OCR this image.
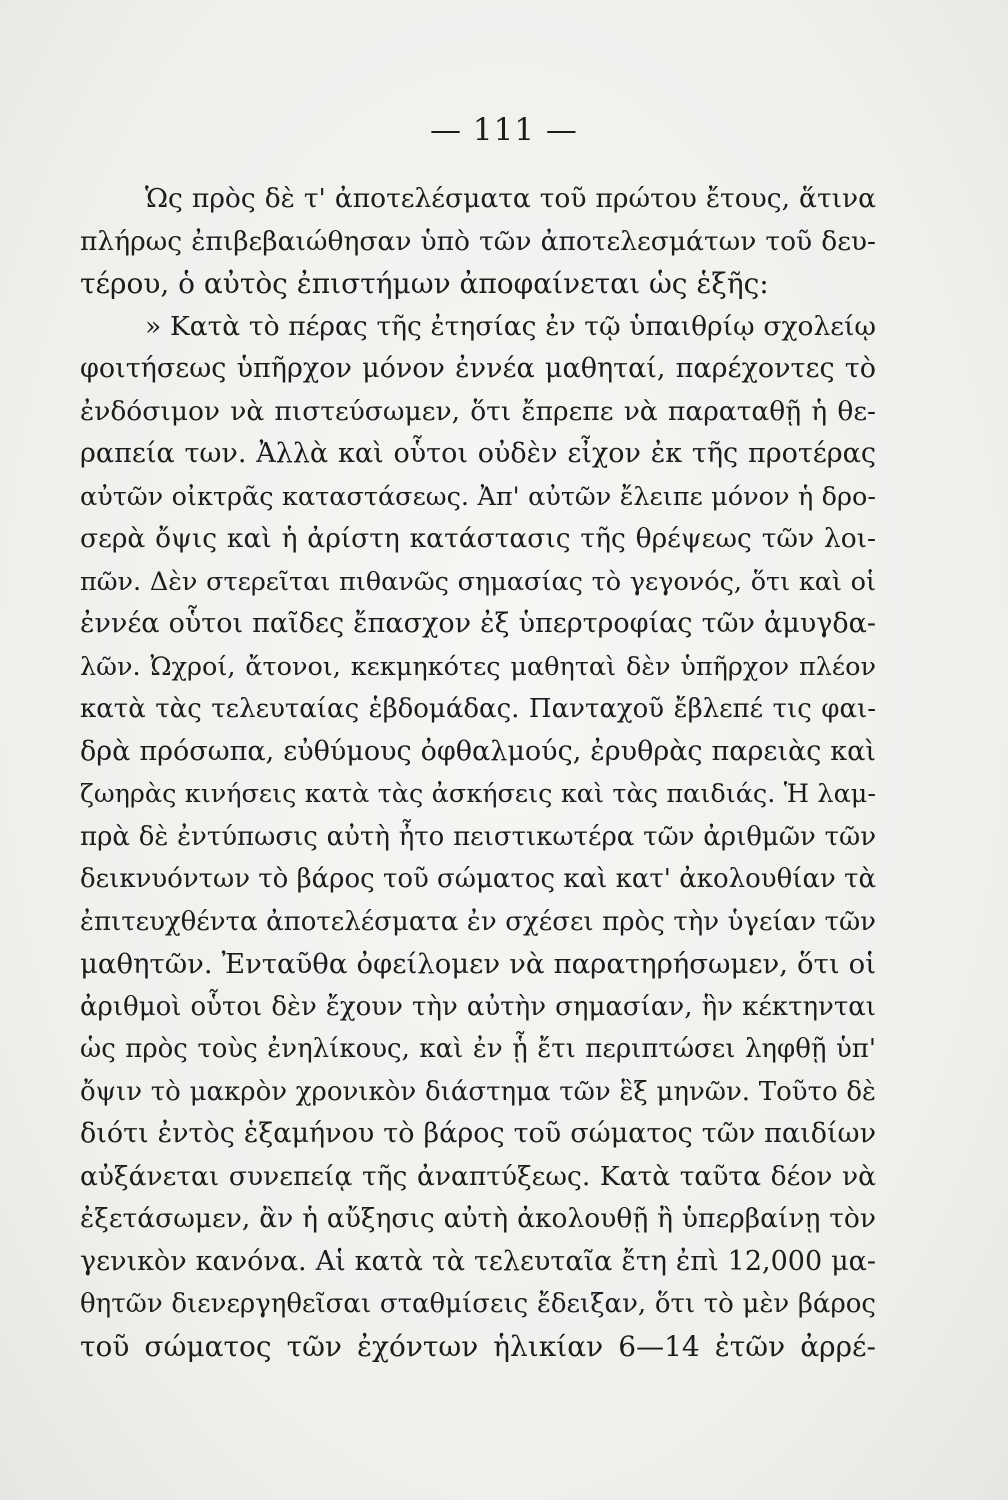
— 111 —
Ὡς πρὸς δὲ τ' ἀποτελέσματα τοῦ πρώτου ἔτους, ἅτινα
πλήρως ἐπιβεβαιώθησαν ὑπὸ τῶν ἀποτελεσμάτων τοῦ δευ-
τέρου, ὁ αὐτὸς ἐπιστήμων ἀποφαίνεται ὡς ἑξῆς:
» Κατὰ τὸ πέρας τῆς ἐτησίας ἐν τῷ ὑπαιθρίῳ σχολείῳ
φοιτήσεως ὑπῆρχον μόνον ἐννέα μαθηταί, παρέχοντες τὸ
ἐνδόσιμον νὰ πιστεύσωμεν, ὅτι ἔπρεπε νὰ παραταθῇ ἡ θε-
ραπεία των. Ἀλλὰ καὶ οὗτοι οὐδὲν εἶχον ἐκ τῆς προτέρας
αὐτῶν οἰκτρᾶς καταστάσεως. Ἀπ' αὐτῶν ἔλειπε μόνον ἡ δρο-
σερὰ ὄψις καὶ ἡ ἀρίστη κατάστασις τῆς θρέψεως τῶν λοι-
πῶν. Δὲν στερεῖται πιθανῶς σημασίας τὸ γεγονός, ὅτι καὶ οἱ
ἐννέα οὗτοι παῖδες ἔπασχον ἐξ ὑπερτροφίας τῶν ἀμυγδα-
λῶν. Ὠχροί, ἄτονοι, κεκμηκότες μαθηταὶ δὲν ὑπῆρχον πλέον
κατὰ τὰς τελευταίας ἑβδομάδας. Πανταχοῦ ἔβλεπέ τις φαι-
δρὰ πρόσωπα, εὐθύμους ὀφθαλμούς, ἐρυθρὰς παρειὰς καὶ
ζωηρὰς κινήσεις κατὰ τὰς ἀσκήσεις καὶ τὰς παιδιάς. Ἡ λαμ-
πρὰ δὲ ἐντύπωσις αὐτὴ ἦτο πειστικωτέρα τῶν ἀριθμῶν τῶν
δεικνυόντων τὸ βάρος τοῦ σώματος καὶ κατ' ἀκολουθίαν τὰ
ἐπιτευχθέντα ἀποτελέσματα ἐν σχέσει πρὸς τὴν ὑγείαν τῶν
μαθητῶν. Ἐνταῦθα ὀφείλομεν νὰ παρατηρήσωμεν, ὅτι οἱ
ἀριθμοὶ οὗτοι δὲν ἔχουν τὴν αὐτὴν σημασίαν, ἣν κέκτηνται
ὡς πρὸς τοὺς ἐνηλίκους, καὶ ἐν ᾗ ἔτι περιπτώσει ληφθῇ ὑπ'
ὄψιν τὸ μακρὸν χρονικὸν διάστημα τῶν ἓξ μηνῶν. Τοῦτο δὲ
διότι ἐντὸς ἑξαμήνου τὸ βάρος τοῦ σώματος τῶν παιδίων
αὐξάνεται συνεπείᾳ τῆς ἀναπτύξεως. Κατὰ ταῦτα δέον νὰ
ἐξετάσωμεν, ἂν ἡ αὔξησις αὐτὴ ἀκολουθῇ ἢ ὑπερβαίνῃ τὸν
γενικὸν κανόνα. Αἱ κατὰ τὰ τελευταῖα ἔτη ἐπὶ 12,000 μα-
θητῶν διενεργηθεῖσαι σταθμίσεις ἔδειξαν, ὅτι τὸ μὲν βάρος
τοῦ σώματος τῶν ἐχόντων ἡλικίαν 6—14 ἐτῶν ἀρρέ-
